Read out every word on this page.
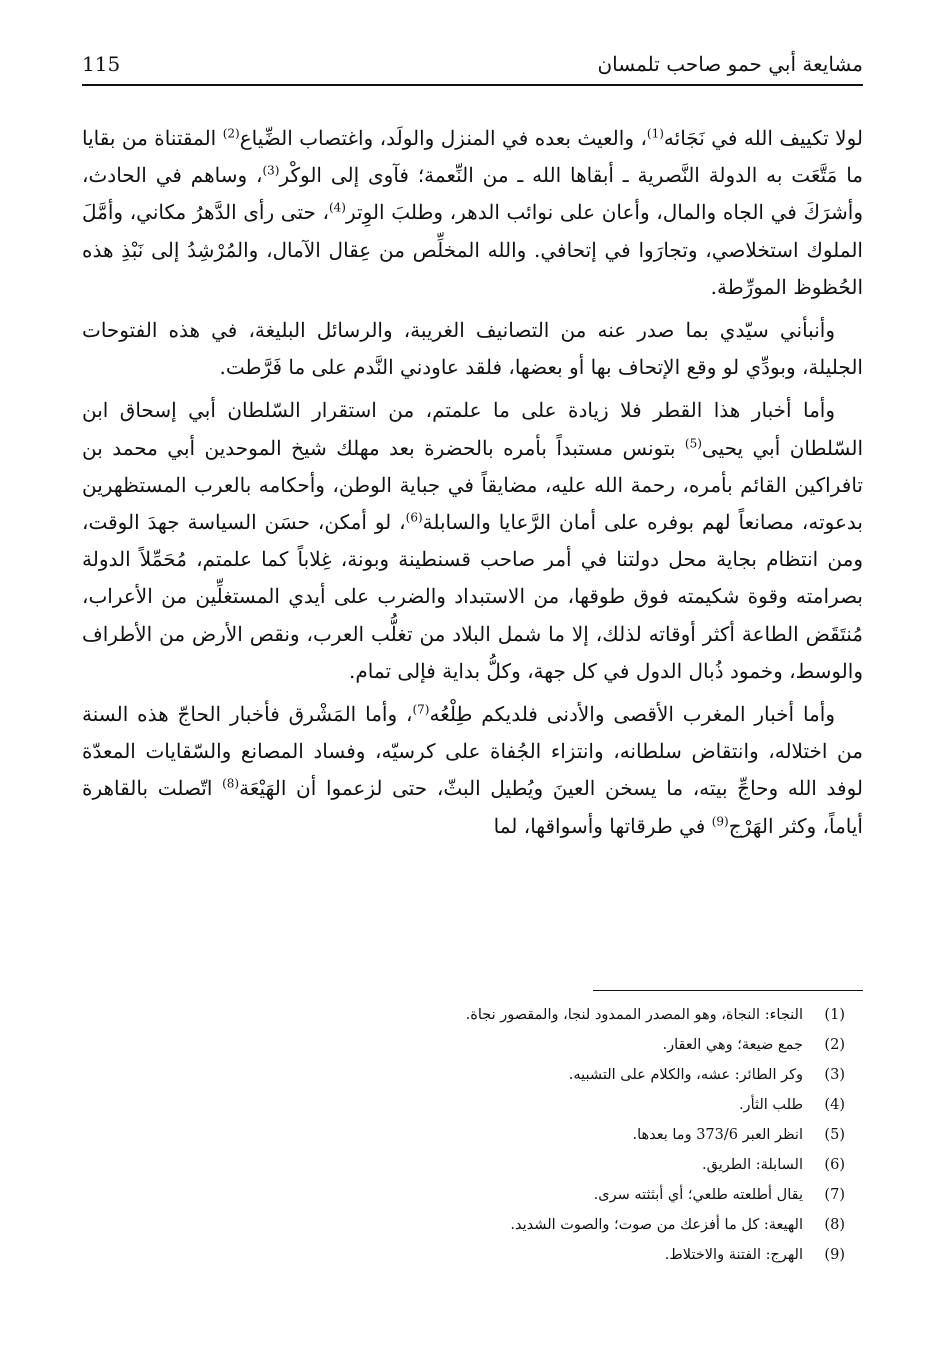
مشايعة أبي حمو صاحب تلمسان
115

لولا تكييف الله في نَجَائه$^{(1)}$، والعيث بعده في المنزل والولَد، واغتصاب الضِّياع$^{(2)}$ المقتناة من بقايا ما مَتَّعَت به الدولة النَّصرية ـ أبقاها الله ـ من النِّعمة؛ فآوى إلى الوكْر$^{(3)}$، وساهم في الحادث، وأشرَكَ في الجاه والمال، وأعان على نوائب الدهر، وطلبَ الوِتر$^{(4)}$، حتى رأى الدَّهرُ مكاني، وأمَّلَ الملوك استخلاصي، وتجارَوا في إتحافي. والله المخلِّص من عِقال الآمال، والمُرْشِدُ إلى نَبْذِ هذه الحُظوظ المورِّطة.

وأنبأني سيّدي بما صدر عنه من التصانيف الغريبة، والرسائل البليغة، في هذه الفتوحات الجليلة، وبودِّي لو وقع الإتحاف بها أو بعضها، فلقد عاودني النَّدم على ما فَرَّطت.

وأما أخبار هذا القطر فلا زيادة على ما علمتم، من استقرار السّلطان أبي إسحاق ابن السّلطان أبي يحيى$^{(5)}$ بتونس مستبداً بأمره بالحضرة بعد مهلك شيخ الموحدين أبي محمد بن تافراكين القائم بأمره، رحمة الله عليه، مضايقاً في جباية الوطن، وأحكامه بالعرب المستظهرين بدعوته، مصانعاً لهم بوفره على أمان الرَّعايا والسابلة$^{(6)}$، لو أمكن، حسَن السياسة جهدَ الوقت، ومن انتظام بجاية محل دولتنا في أمر صاحب قسنطينة وبونة، غِلاباً كما علمتم، مُحَمِّلاً الدولة بصرامته وقوة شكيمته فوق طوقها، من الاستبداد والضرب على أيدي المستغلِّين من الأعراب، مُنتَقَض الطاعة أكثر أوقاته لذلك، إلا ما شمل البلاد من تغلُّب العرب، ونقص الأرض من الأطراف والوسط، وخمود ذُبال الدول في كل جهة، وكلُّ بداية فإلى تمام.

وأما أخبار المغرب الأقصى والأدنى فلديكم طِلْعُه$^{(7)}$، وأما المَشْرق فأخبار الحاجّ هذه السنة من اختلاله، وانتقاض سلطانه، وانتزاء الجُفاة على كرسيّه، وفساد المصانع والسّقايات المعدّة لوفد الله وحاجِّ بيته، ما يسخن العينَ ويُطيل البثّ، حتى لزعموا أن الهَيْعَة$^{(8)}$ اتّصلت بالقاهرة أياماً، وكثر الهَرْج$^{(9)}$ في طرقاتها وأسواقها، لما

(1)
النجاء: النجاة، وهو المصدر الممدود لنجا، والمقصور نجاة.
(2)
جمع ضيعة؛ وهي العقار.
(3)
وكر الطائر: عشه، والكلام على التشبيه.
(4)
طلب الثأر.
(5)
انظر العبر 373/6 وما بعدها.
(6)
السابلة: الطريق.
(7)
يقال أطلعته طلعي؛ أي أبثثته سرى.
(8)
الهيعة: كل ما أفزعك من صوت؛ والصوت الشديد.
(9)
الهرج: الفتنة والاختلاط.
